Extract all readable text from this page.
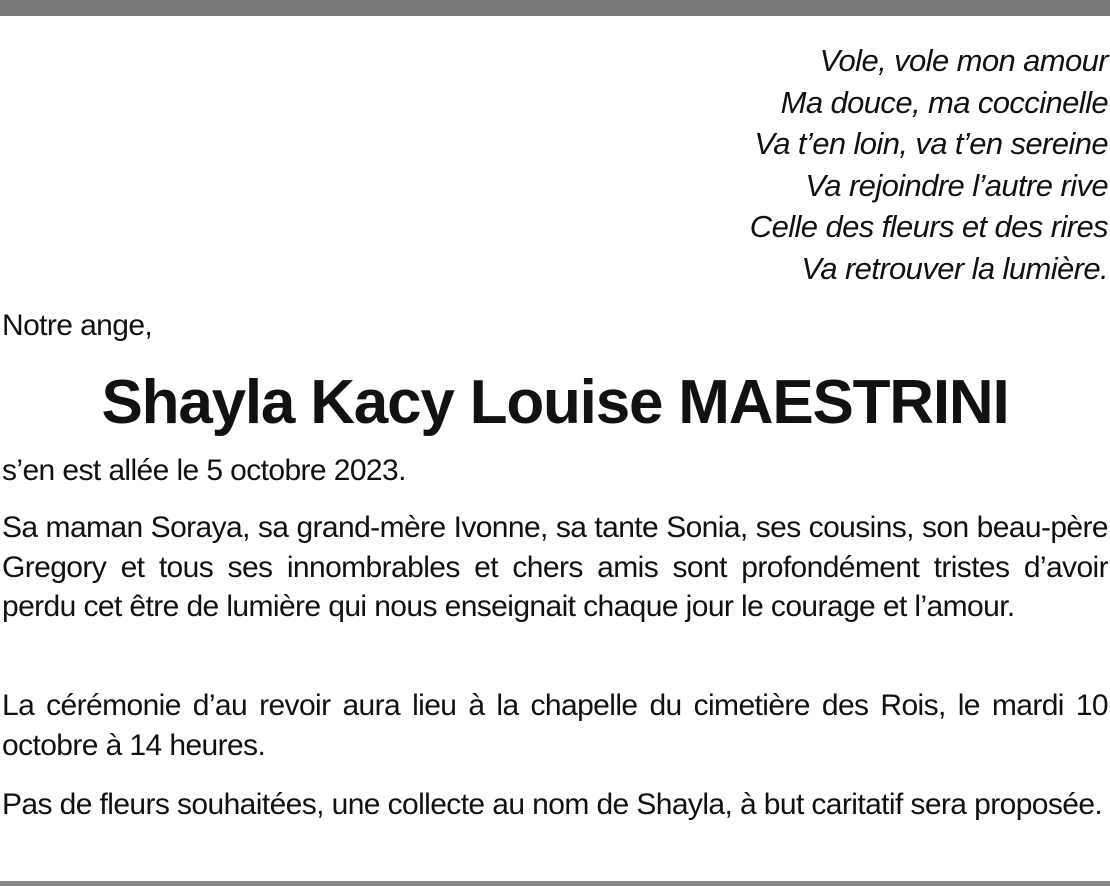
Vole, vole mon amour
Ma douce, ma coccinelle
Va t’en loin, va t’en sereine
Va rejoindre l’autre rive
Celle des fleurs et des rires
Va retrouver la lumière.

Notre ange,

Shayla Kacy Louise MAESTRINI

s’en est allée le 5 octobre 2023.

Sa maman Soraya, sa grand-mère Ivonne, sa tante Sonia, ses cousins, son beau-père Gregory et tous ses innombrables et chers amis sont profondément tristes d’avoir perdu cet être de lumière qui nous enseignait chaque jour le courage et l’amour.

La cérémonie d’au revoir aura lieu à la chapelle du cimetière des Rois, le mardi 10 octobre à 14 heures.

Pas de fleurs souhaitées, une collecte au nom de Shayla, à but caritatif sera proposée.
